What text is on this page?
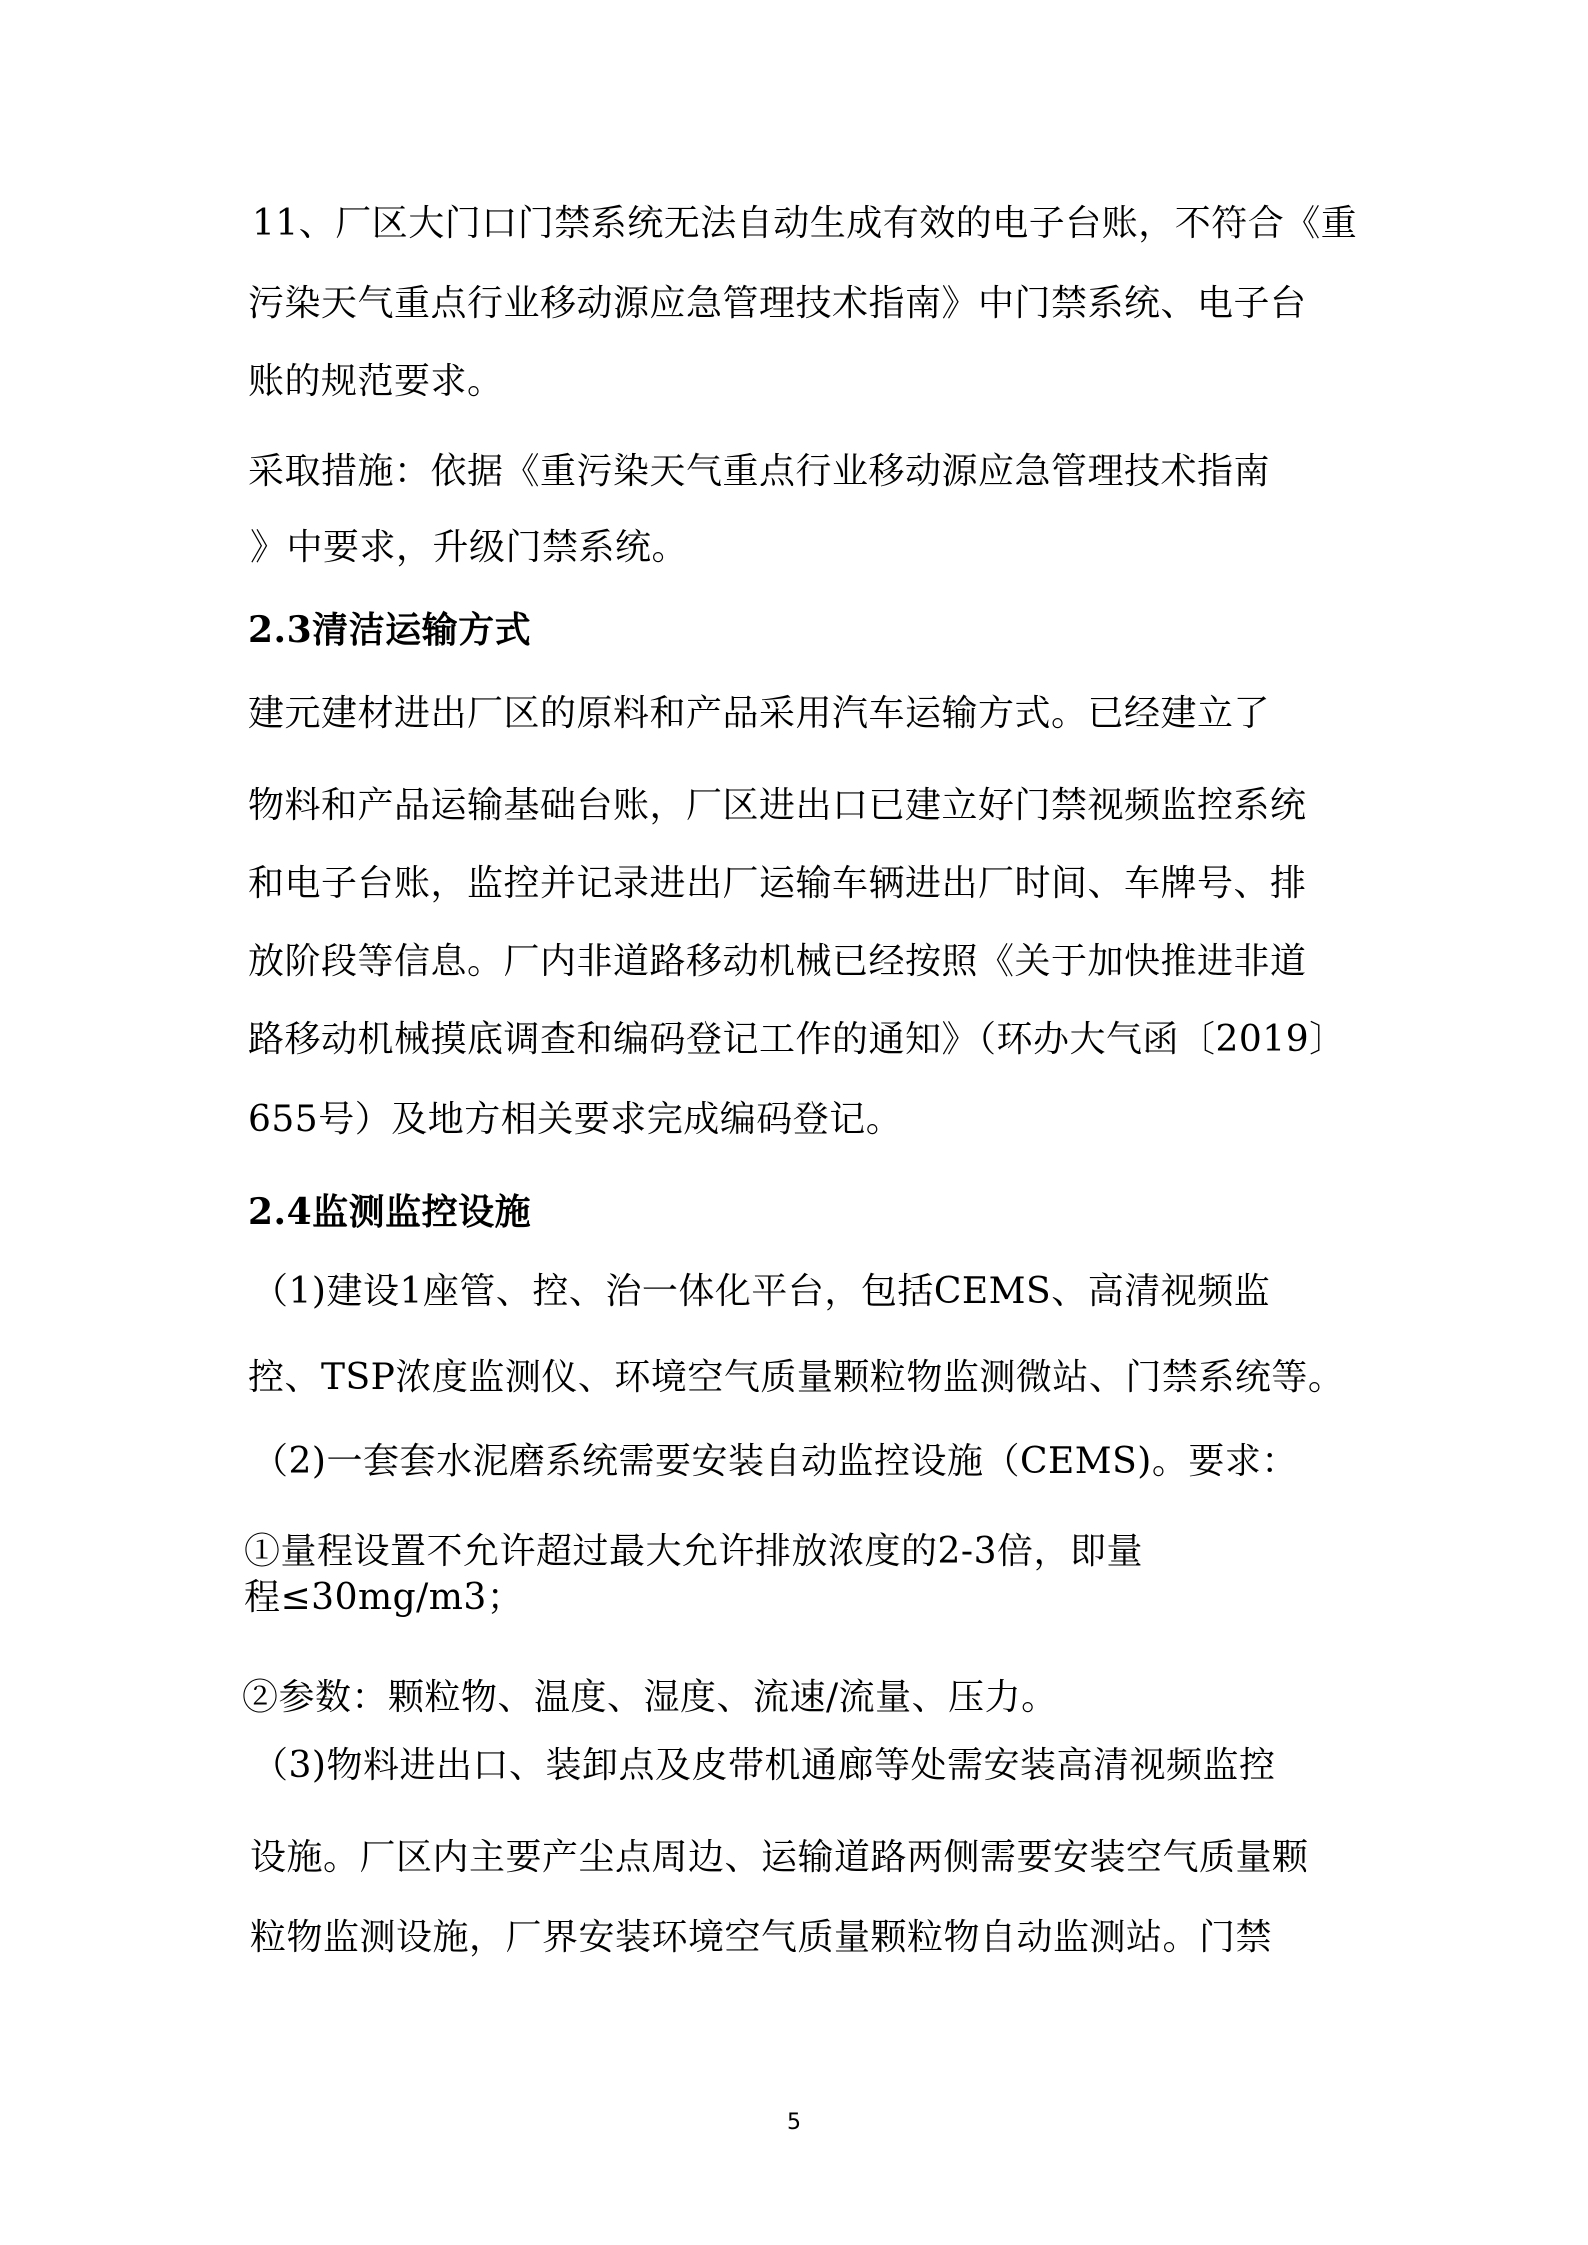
11、厂区大门口门禁系统无法自动生成有效的电子台账，不符合《重
污染天气重点行业移动源应急管理技术指南》中门禁系统、电子台
账的规范要求。
采取措施：依据《重污染天气重点行业移动源应急管理技术指南
》中要求，升级门禁系统。
2.3清洁运输方式
建元建材进出厂区的原料和产品采用汽车运输方式。已经建立了
物料和产品运输基础台账，厂区进出口已建立好门禁视频监控系统
和电子台账，监控并记录进出厂运输车辆进出厂时间、车牌号、排
放阶段等信息。厂内非道路移动机械已经按照《关于加快推进非道
路移动机械摸底调查和编码登记工作的通知》（环办大气函〔2019〕
655号）及地方相关要求完成编码登记。
2.4监测监控设施
（1)建设1座管、控、治一体化平台，包括CEMS、高清视频监
控、TSP浓度监测仪、环境空气质量颗粒物监测微站、门禁系统等。
（2)一套套水泥磨系统需要安装自动监控设施（CEMS)。要求：
①量程设置不允许超过最大允许排放浓度的2-3倍，即量
程≤30mg/m3；
②参数：颗粒物、温度、湿度、流速/流量、压力。
（3)物料进出口、装卸点及皮带机通廊等处需安装高清视频监控
设施。厂区内主要产尘点周边、运输道路两侧需要安装空气质量颗
粒物监测设施，厂界安装环境空气质量颗粒物自动监测站。门禁
5
